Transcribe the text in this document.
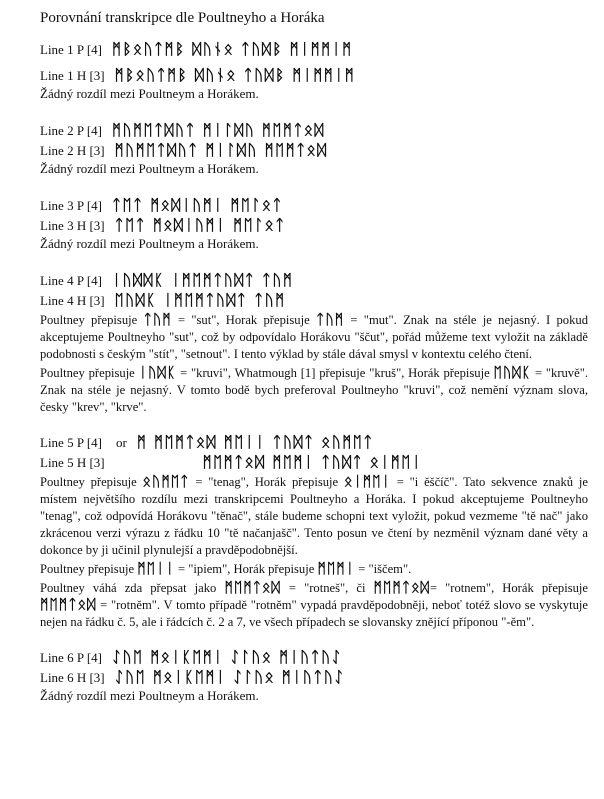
Porovnání transkripce dle Poultneyho a Horáka
Line 1 P [4] ᛗᛒᛟᚢᛏᛗᛒ ᛞᚢᚾᛟ ᛏᚢᛞᛒ ᛗᛁᛗᛗᛁᛗ
Line 1 H [3] ᛗᛒᛟᚢᛏᛗᛒ ᛞᚢᚾᛟ ᛏᚢᛞᛒ ᛗᛁᛗᛗᛁᛗ

Žádný rozdíl mezi Poultneym a Horákem.

Line 2 P [4] ᛗᚢᛗᛖᛏᛞᚢᛏ ᛗᛁᛚᛞᚢ ᛗᛖᛗᛏᛟᛞ
Line 2 H [3] ᛗᚢᛗᛖᛏᛞᚢᛏ ᛗᛁᛚᛞᚢ ᛗᛖᛗᛏᛟᛞ

Žádný rozdíl mezi Poultneym a Horákem.

Line 3 P [4] ᛏᛖᛏ ᛗᛟᛞᛁᚢᛗᛁ ᛗᛖᛚᛟᛏ
Line 3 H [3] ᛏᛖᛏ ᛗᛟᛞᛁᚢᛗᛁ ᛗᛖᛚᛟᛏ

Žádný rozdíl mezi Poultneym a Horákem.

Line 4 P [4] ᛁᚢᛞᛞᛕ ᛁᛗᛖᛗᛏᚢᛞᛏ ᛏᚢᛗ
Line 4 H [3] ᛖᚢᛞᛕ ᛁᛗᛖᛗᛏᚢᛞᛏ ᛏᚢᛗ

Poultney přepisuje ᛏᚢᛗ = "sut", Horak přepisuje ᛏᚢᛗ = "mut". Znak na stéle je nejasný. I pokud akceptujeme Poultneyho "sut", což by odpovídalo Horákovu "ščut", pořád můžeme text vyložit na základě podobnosti s českým "stít", "setnout". I tento výklad by stále dával smysl v kontextu celého čtení.

Poultney přepisuje ᛁᚢᛞᛕ = "kruvi", Whatmough [1] přepisuje "kruš", Horák přepisuje ᛖᚢᛞᛕ = "kruvě". Znak na stéle je nejasný. V tomto bodě bych preferoval Poultneyho "kruvi", což nemění význam slova, česky "krev", "krve".

Line 5 P [4] or ᛗ ᛗᛖᛗᛏᛟᛞ ᛗᛖᛁᛁ ᛏᚢᛞᛏ ᛟᚢᛗᛖᛏ
Line 5 H [3]	ᛗᛖᛗᛏᛟᛞ ᛗᛖᛗᛁ ᛏᚢᛞᛏ ᛟᛁᛗᛖᛁ

Poultney přepisuje ᛟᚢᛗᛖᛏ = "tenag", Horák přepisuje ᛟᛁᛗᛖᛁ = "i ěščíč". Tato sekvence znaků je místem největšího rozdílu mezi transkripcemi Poultneyho a Horáka. I pokud akceptujeme Poultneyho "tenag", což odpovídá Horákovu "těnač", stále budeme schopni text vyložit, pokud vezmeme "tě nač" jako zkrácenou verzi výrazu z řádku 10 "tě načanjašč". Tento posun ve čtení by nezměnil význam dané věty a dokonce by ji učinil plynulejší a pravděpodobnější.

Poultney přepisuje ᛗᛖᛁᛁ = "ipiem", Horák přepisuje ᛗᛖᛗᛁ = "iščem".

Poultney váhá zda přepsat jako ᛗᛖᛗᛏᛟᛞ = "rotneš", či ᛗᛖᛗᛏᛟᛞ= "rotnem", Horák přepisuje ᛗᛖᛗᛏᛟᛞ = "rotněm". V tomto případě "rotněm" vypadá pravděpodobněji, neboť totéž slovo se vyskytuje nejen na řádku č. 5, ale i řádcích č. 2 a 7, ve všech případech se slovansky znějící příponou "-ěm".

Line 6 P [4] ᛇᚢᛖ ᛗᛟᛁᛕᛖᛗᛁ ᛇᛚᚢᛟ ᛗᛁᚢᛏᚢᛇ
Line 6 H [3] ᛇᚢᛖ ᛗᛟᛁᛕᛖᛗᛁ ᛇᛚᚢᛟ ᛗᛁᚢᛏᚢᛇ

Žádný rozdíl mezi Poultneym a Horákem.
